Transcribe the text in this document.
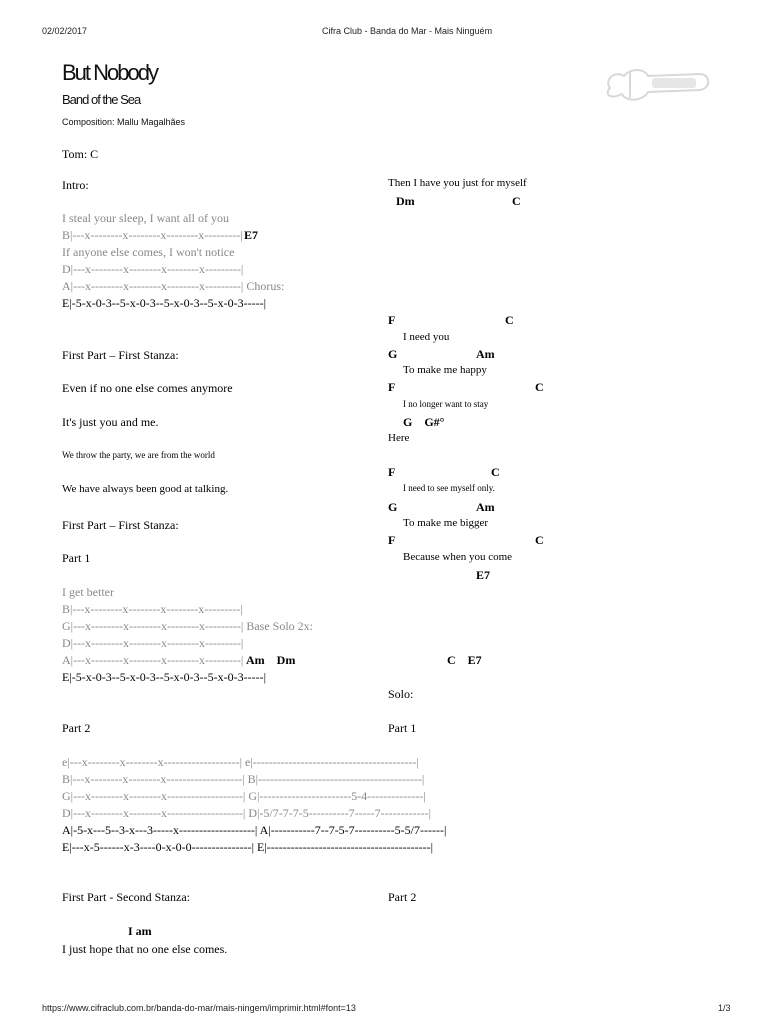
02/02/2017	Cifra Club - Banda do Mar - Mais Ninguém
But Nobody
Band of the Sea
Composition: Mallu Magalhães
Tom: C
Intro:
I steal your sleep, I want all of you
B|---x--------x--------x--------x---------| E7
If anyone else comes, I won't notice
D|---x--------x--------x--------x---------|
A|---x--------x--------x--------x---------| Chorus:
E|-5-x-0-3--5-x-0-3--5-x-0-3--5-x-0-3-----|
First Part – First Stanza:
Even if no one else comes anymore
It's just you and me.
We throw the party, we are from the world
We have always been good at talking.
First Part – First Stanza:
Part 1
I get better
B|---x--------x--------x--------x---------|
G|---x--------x--------x--------x---------| Base Solo 2x:
D|---x--------x--------x--------x---------|
A|---x--------x--------x--------x---------| Am    Dm
E|-5-x-0-3--5-x-0-3--5-x-0-3--5-x-0-3-----|
Part 2
e|---x--------x--------x-------------------| e|-----------------------------------------|
B|---x--------x--------x-------------------| B|-----------------------------------------|
G|---x--------x--------x-------------------| G|-----------------------5-4--------------|
D|---x--------x--------x-------------------| D|-5/7-7-7-5----------7-----7------------|
A|-5-x---5--3-x---3-----x-------------------| A|-----------7--7-5-7----------5-5/7------|
E|---x-5------x-3----0-x-0-0---------------| E|-----------------------------------------|
First Part - Second Stanza:
I am
I just hope that no one else comes.
Then I have you just for myself
Dm	C
F	C
I need you
G	Am
To make me happy
F	C
I no longer want to stay
G    G#°
Here
F	C
I need to see myself only.
G	Am
To make me bigger
F	C
Because when you come
E7
C    E7
Solo:
Part 1
Part 2
https://www.cifraclub.com.br/banda-do-mar/mais-ningem/imprimir.html#font=13	1/3
